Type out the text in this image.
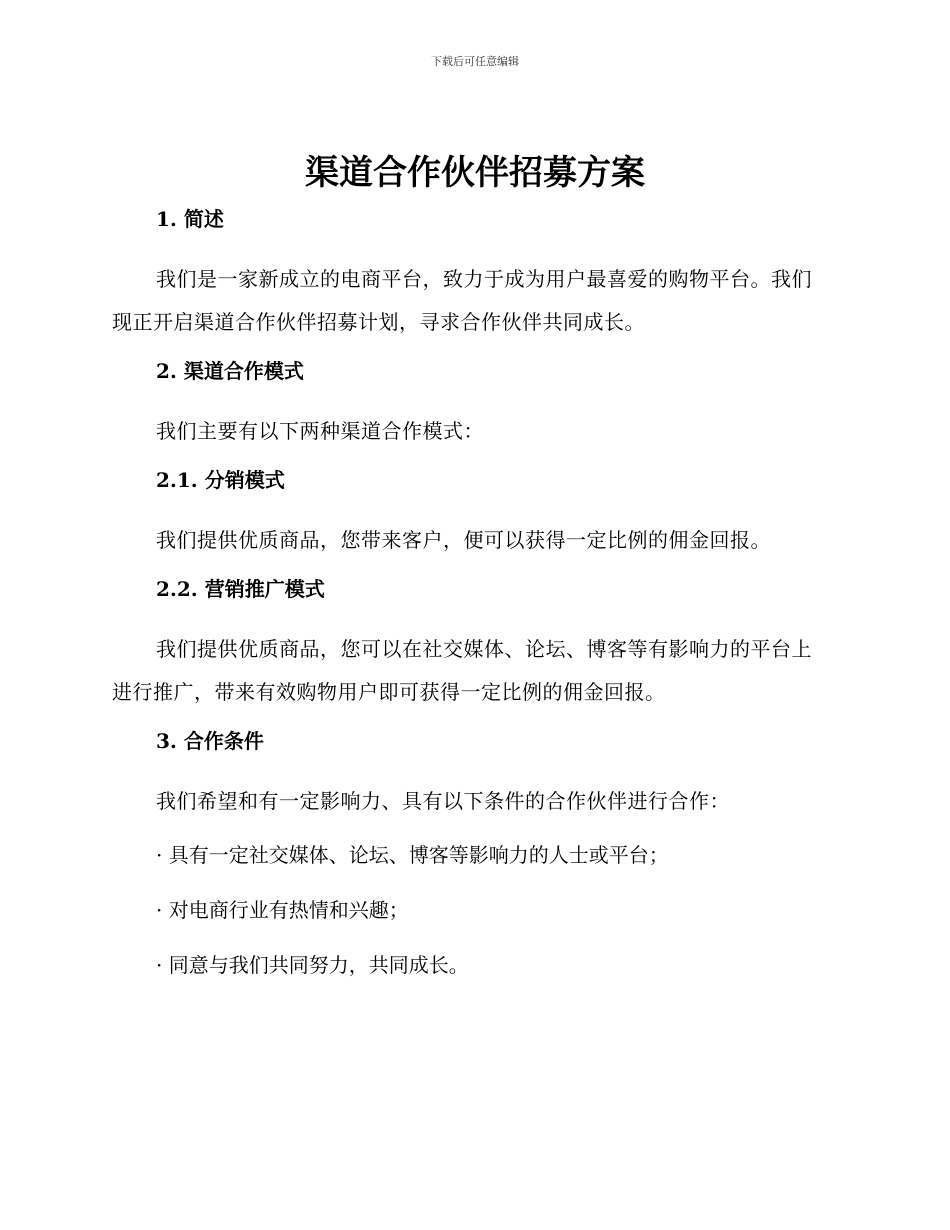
下载后可任意编辑
渠道合作伙伴招募方案
1. 简述
我们是一家新成立的电商平台，致力于成为用户最喜爱的购物平台。我们现正开启渠道合作伙伴招募计划，寻求合作伙伴共同成长。
2. 渠道合作模式
我们主要有以下两种渠道合作模式：
2.1. 分销模式
我们提供优质商品，您带来客户，便可以获得一定比例的佣金回报。
2.2. 营销推广模式
我们提供优质商品，您可以在社交媒体、论坛、博客等有影响力的平台上进行推广，带来有效购物用户即可获得一定比例的佣金回报。
3. 合作条件
我们希望和有一定影响力、具有以下条件的合作伙伴进行合作：
· 具有一定社交媒体、论坛、博客等影响力的人士或平台；
· 对电商行业有热情和兴趣；
· 同意与我们共同努力，共同成长。
